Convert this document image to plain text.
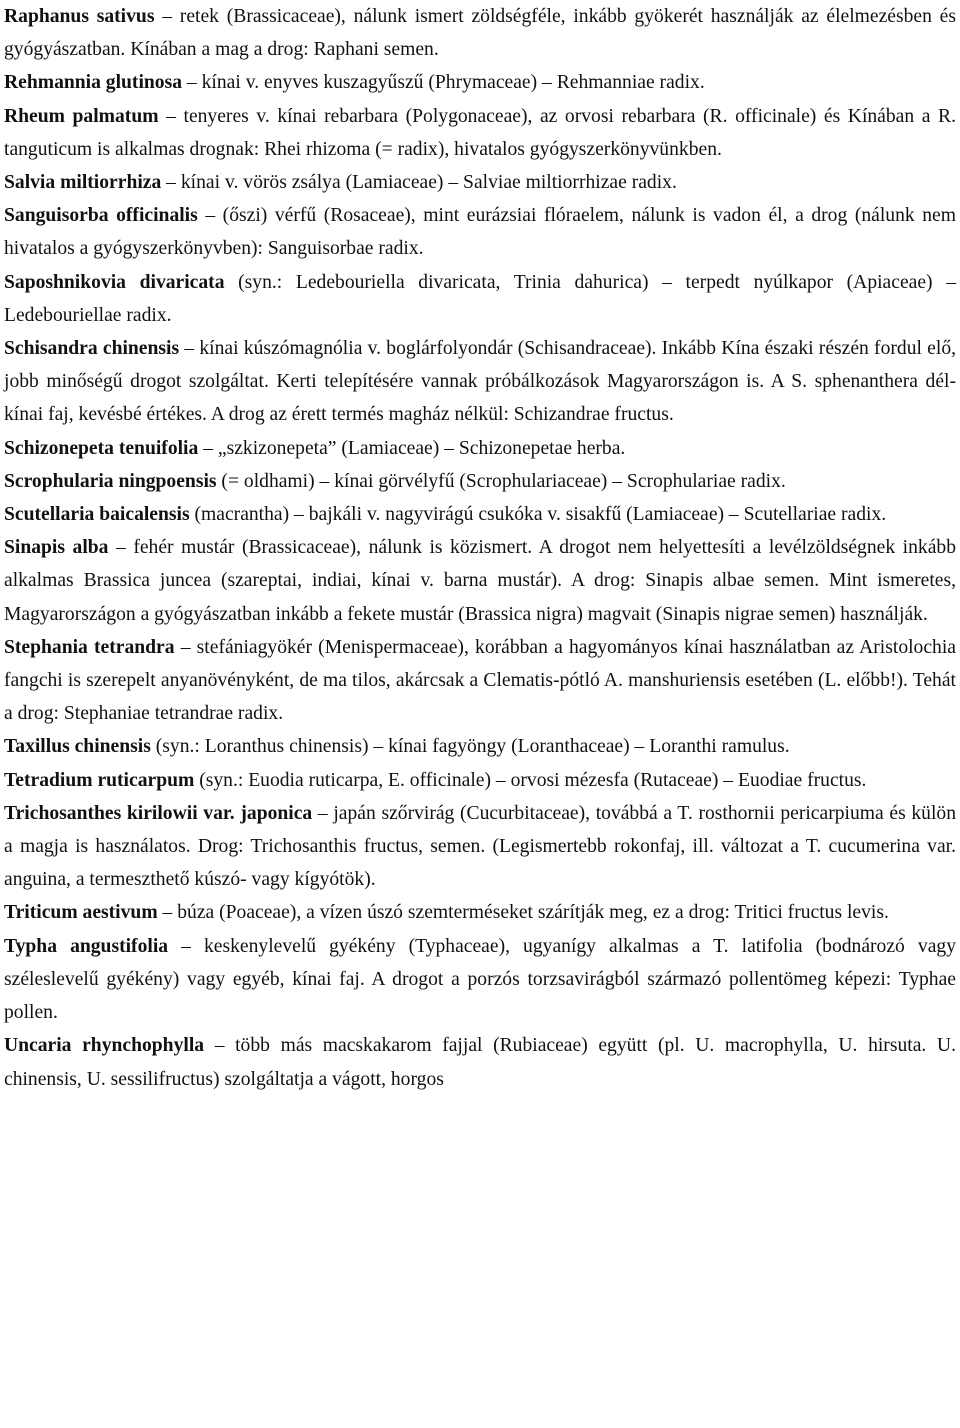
Raphanus sativus – retek (Brassicaceae), nálunk ismert zöldségféle, inkább gyökerét használják az élelmezésben és gyógyászatban. Kínában a mag a drog: Raphani semen.

Rehmannia glutinosa – kínai v. enyves kuszagyűszű (Phrymaceae) – Rehmanniae radix.

Rheum palmatum – tenyeres v. kínai rebarbara (Polygonaceae), az orvosi rebarbara (R. officinale) és Kínában a R. tanguticum is alkalmas drognak: Rhei rhizoma (= radix), hivatalos gyógyszerkönyvünkben.

Salvia miltiorrhiza – kínai v. vörös zsálya (Lamiaceae) – Salviae miltiorrhizae radix.

Sanguisorba officinalis – (őszi) vérfű (Rosaceae), mint eurázsiai flóraelem, nálunk is vadon él, a drog (nálunk nem hivatalos a gyógyszerkönyvben): Sanguisorbae radix.

Saposhnikovia divaricata (syn.: Ledebouriella divaricata, Trinia dahurica) – terpedt nyúlkapor (Apiaceae) – Ledebouriellae radix.

Schisandra chinensis – kínai kúszómagnólia v. boglárfolyondár (Schisandraceae). Inkább Kína északi részén fordul elő, jobb minőségű drogot szolgáltat. Kerti telepítésére vannak próbálkozások Magyarországon is. A S. sphenanthera dél-kínai faj, kevésbé értékes. A drog az érett termés magház nélkül: Schizandrae fructus.

Schizonepeta tenuifolia – „szkizonepeta” (Lamiaceae) – Schizonepetae herba.

Scrophularia ningpoensis (= oldhami) – kínai görvélyfű (Scrophulariaceae) – Scrophulariae radix.

Scutellaria baicalensis (macrantha) – bajkáli v. nagyvirágú csukóka v. sisakfű (Lamiaceae) – Scutellariae radix.

Sinapis alba – fehér mustár (Brassicaceae), nálunk is közismert. A drogot nem helyettesíti a levélzöldségnek inkább alkalmas Brassica juncea (szareptai, indiai, kínai v. barna mustár). A drog: Sinapis albae semen. Mint ismeretes, Magyarországon a gyógyászatban inkább a fekete mustár (Brassica nigra) magvait (Sinapis nigrae semen) használják.

Stephania tetrandra – stefániagyökér (Menispermaceae), korábban a hagyományos kínai használatban az Aristolochia fangchi is szerepelt anyanövényként, de ma tilos, akárcsak a Clematis-pótló A. manshuriensis esetében (L. előbb!). Tehát a drog: Stephaniae tetrandrae radix.

Taxillus chinensis (syn.: Loranthus chinensis) – kínai fagyöngy (Loranthaceae) – Loranthi ramulus.

Tetradium ruticarpum (syn.: Euodia ruticarpa, E. officinale) – orvosi mézesfa (Rutaceae) – Euodiae fructus.

Trichosanthes kirilowii var. japonica – japán szőrvirág (Cucurbitaceae), továbbá a T. rosthornii pericarpiuma és külön a magja is használatos. Drog: Trichosanthis fructus, semen. (Legismertebb rokonfaj, ill. változat a T. cucumerina var. anguina, a termeszthető kúszó- vagy kígyótök).

Triticum aestivum – búza (Poaceae), a vízen úszó szemterméseket szárítják meg, ez a drog: Tritici fructus levis.

Typha angustifolia – keskenylevelű gyékény (Typhaceae), ugyanígy alkalmas a T. latifolia (bodnározó vagy széleslevelű gyékény) vagy egyéb, kínai faj. A drogot a porzós torzsavirágból származó pollentömeg képezi: Typhae pollen.

Uncaria rhynchophylla – több más macskakarom fajjal (Rubiaceae) együtt (pl. U. macrophylla, U. hirsuta. U. chinensis, U. sessilifructus) szolgáltatja a vágott, horgos
